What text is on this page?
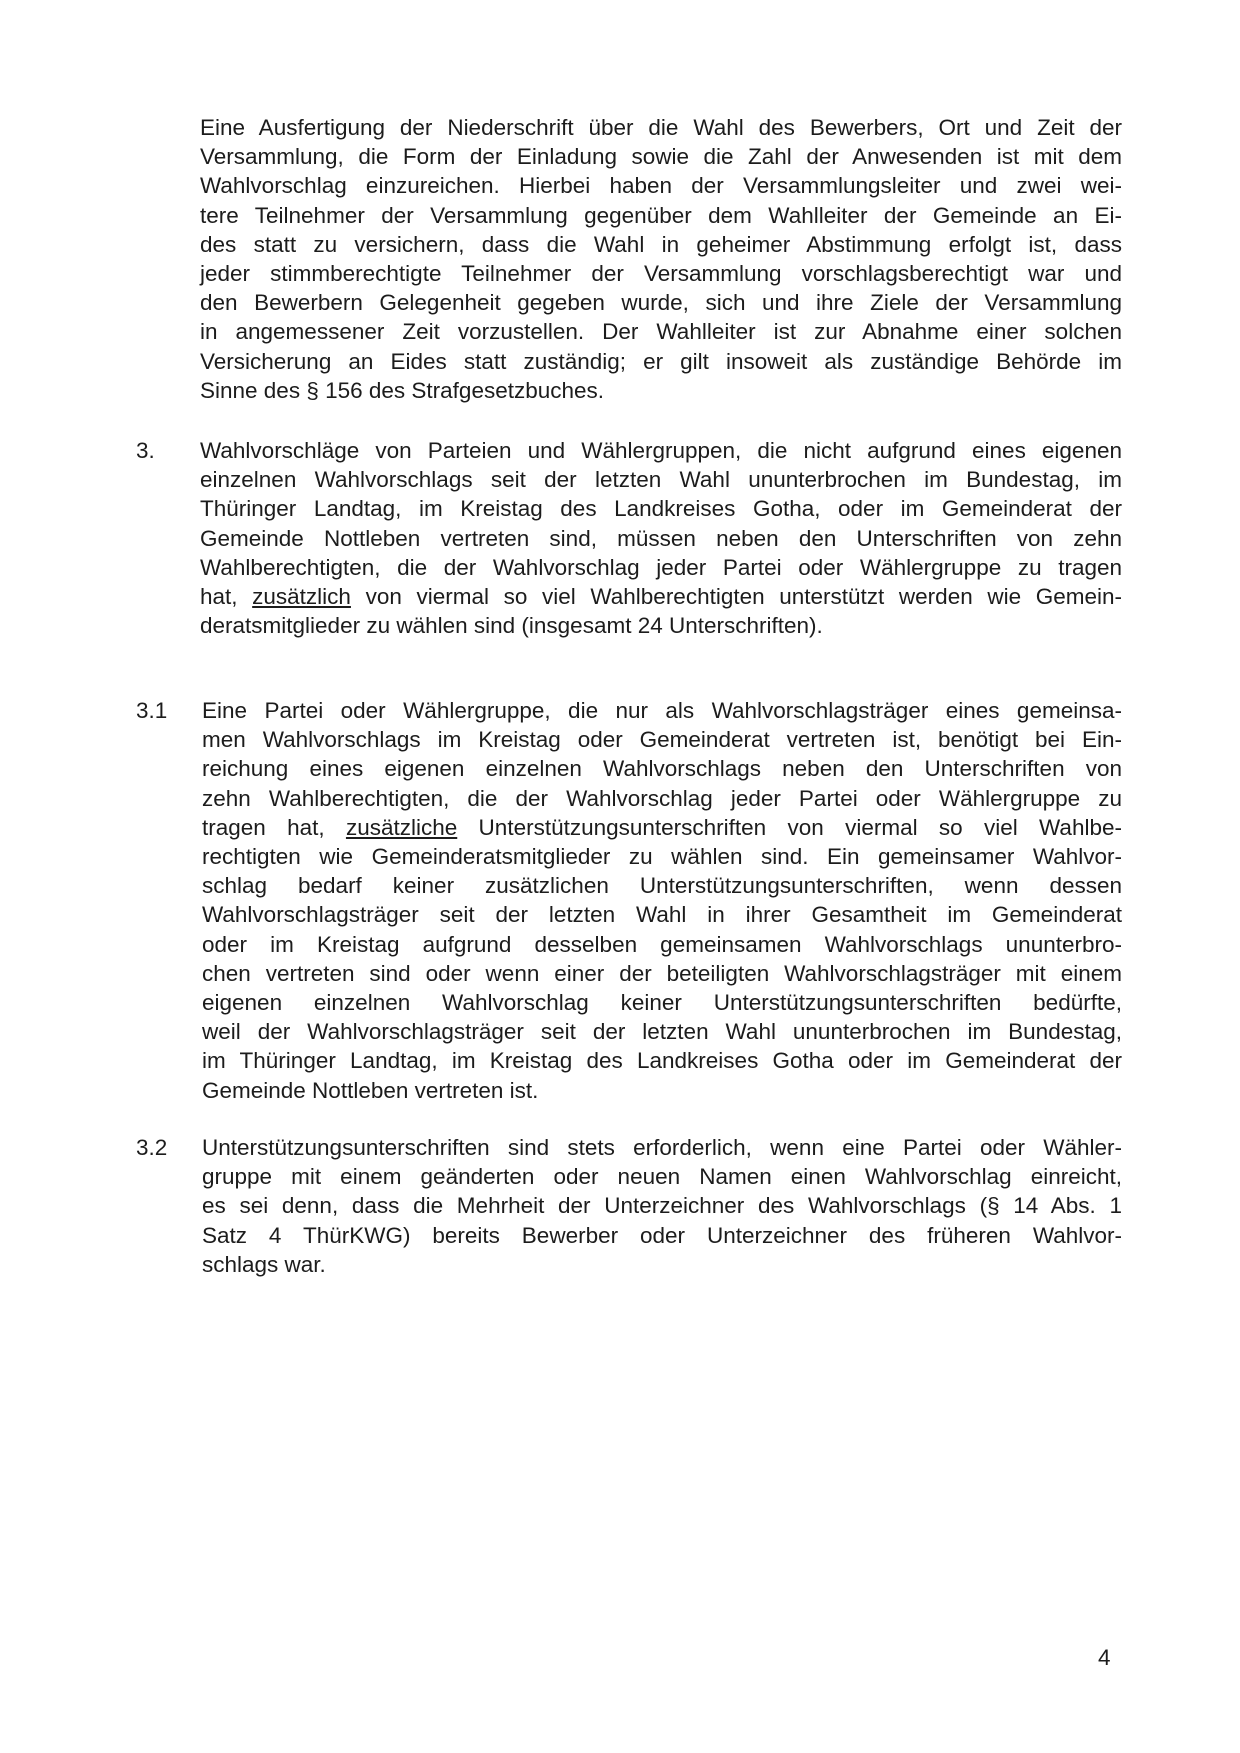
Eine Ausfertigung der Niederschrift über die Wahl des Bewerbers, Ort und Zeit der
Versammlung, die Form der Einladung sowie die Zahl der Anwesenden ist mit dem
Wahlvorschlag einzureichen. Hierbei haben der Versammlungsleiter und zwei wei-
tere Teilnehmer der Versammlung gegenüber dem Wahlleiter der Gemeinde an Ei-
des statt zu versichern, dass die Wahl in geheimer Abstimmung erfolgt ist, dass
jeder stimmberechtigte Teilnehmer der Versammlung vorschlagsberechtigt war und
den Bewerbern Gelegenheit gegeben wurde, sich und ihre Ziele der Versammlung
in angemessener Zeit vorzustellen. Der Wahlleiter ist zur Abnahme einer solchen
Versicherung an Eides statt zuständig; er gilt insoweit als zuständige Behörde im
Sinne des § 156 des Strafgesetzbuches.
3. Wahlvorschläge von Parteien und Wählergruppen, die nicht aufgrund eines eigenen
einzelnen Wahlvorschlags seit der letzten Wahl ununterbrochen im Bundestag, im
Thüringer Landtag, im Kreistag des Landkreises Gotha, oder im Gemeinderat der
Gemeinde Nottleben vertreten sind, müssen neben den Unterschriften von zehn
Wahlberechtigten, die der Wahlvorschlag jeder Partei oder Wählergruppe zu tragen
hat, zusätzlich von viermal so viel Wahlberechtigten unterstützt werden wie Gemein-
deratsmitglieder zu wählen sind (insgesamt 24 Unterschriften).
3.1 Eine Partei oder Wählergruppe, die nur als Wahlvorschlagsträger eines gemeinsa-
men Wahlvorschlags im Kreistag oder Gemeinderat vertreten ist, benötigt bei Ein-
reichung eines eigenen einzelnen Wahlvorschlags neben den Unterschriften von
zehn Wahlberechtigten, die der Wahlvorschlag jeder Partei oder Wählergruppe zu
tragen hat, zusätzliche Unterstützungsunterschriften von viermal so viel Wahlbe-
rechtigten wie Gemeinderatsmitglieder zu wählen sind. Ein gemeinsamer Wahlvor-
schlag bedarf keiner zusätzlichen Unterstützungsunterschriften, wenn dessen
Wahlvorschlagsträger seit der letzten Wahl in ihrer Gesamtheit im Gemeinderat
oder im Kreistag aufgrund desselben gemeinsamen Wahlvorschlags ununterbro-
chen vertreten sind oder wenn einer der beteiligten Wahlvorschlagsträger mit einem
eigenen einzelnen Wahlvorschlag keiner Unterstützungsunterschriften bedürfte,
weil der Wahlvorschlagsträger seit der letzten Wahl ununterbrochen im Bundestag,
im Thüringer Landtag, im Kreistag des Landkreises Gotha oder im Gemeinderat der
Gemeinde Nottleben vertreten ist.
3.2 Unterstützungsunterschriften sind stets erforderlich, wenn eine Partei oder Wähler-
gruppe mit einem geänderten oder neuen Namen einen Wahlvorschlag einreicht,
es sei denn, dass die Mehrheit der Unterzeichner des Wahlvorschlags (§ 14 Abs. 1
Satz 4 ThürKWG) bereits Bewerber oder Unterzeichner des früheren Wahlvor-
schlags war.
4
